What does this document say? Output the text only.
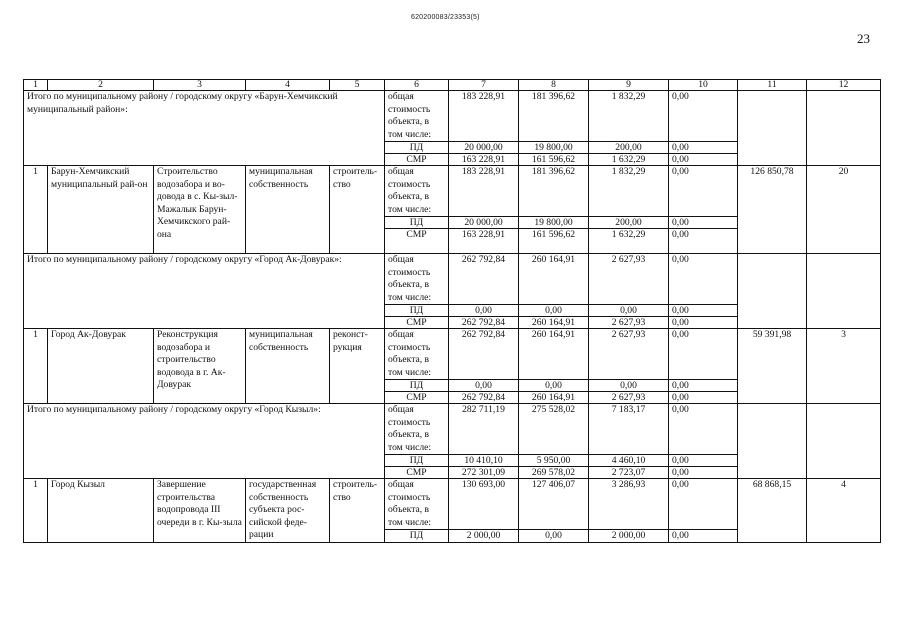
620200083/23353(5)
23
1	2	3	4	5	6	7	8	9	10	11	12
Итого по муниципальному району / городскому округу «Барун-Хемчикский муниципальный район»:					общая стоимость объекта, в том числе:	183 228,91	181 396,62	1 832,29	0,00		
					ПД	20 000,00	19 800,00	200,00	0,00		
					СМР	163 228,91	161 596,62	1 632,29	0,00		
1	Барун-Хемчикский муниципальный рай-он	Строительство водозабора и во-довода в с. Кы-зыл-Мажалык Барун-Хемчикского рай-она	муниципальная собственность	строитель-ство	общая стоимость объекта, в том числе:	183 228,91	181 396,62	1 832,29	0,00	126 850,78	20
					ПД	20 000,00	19 800,00	200,00	0,00		
					СМР	163 228,91	161 596,62	1 632,29	0,00		
Итого по муниципальному району / городскому округу «Город Ак-Довурак»:					общая стоимость объекта, в том числе:	262 792,84	260 164,91	2 627,93	0,00		
					ПД	0,00	0,00	0,00	0,00		
					СМР	262 792,84	260 164,91	2 627,93	0,00		
1	Город Ак-Довурак	Реконструкция водозабора и строительство водовода в г. Ак-Довурак	муниципальная собственность	реконст-рукция	общая стоимость объекта, в том числе:	262 792,84	260 164,91	2 627,93	0,00	59 391,98	3
					ПД	0,00	0,00	0,00	0,00		
					СМР	262 792,84	260 164,91	2 627,93	0,00		
Итого по муниципальному району / городскому округу «Город Кызыл»:					общая стоимость объекта, в том числе:	282 711,19	275 528,02	7 183,17	0,00		
					ПД	10 410,10	5 950,00	4 460,10	0,00		
					СМР	272 301,09	269 578,02	2 723,07	0,00		
1	Город Кызыл	Завершение строительства водопровода III очереди в г. Кы-зыла	государственная собственность субъекта рос-сийской феде-рации	строитель-ство	общая стоимость объекта, в том числе:	130 693,00	127 406,07	3 286,93	0,00	68 868,15	4
					ПД	2 000,00	0,00	2 000,00	0,00		
